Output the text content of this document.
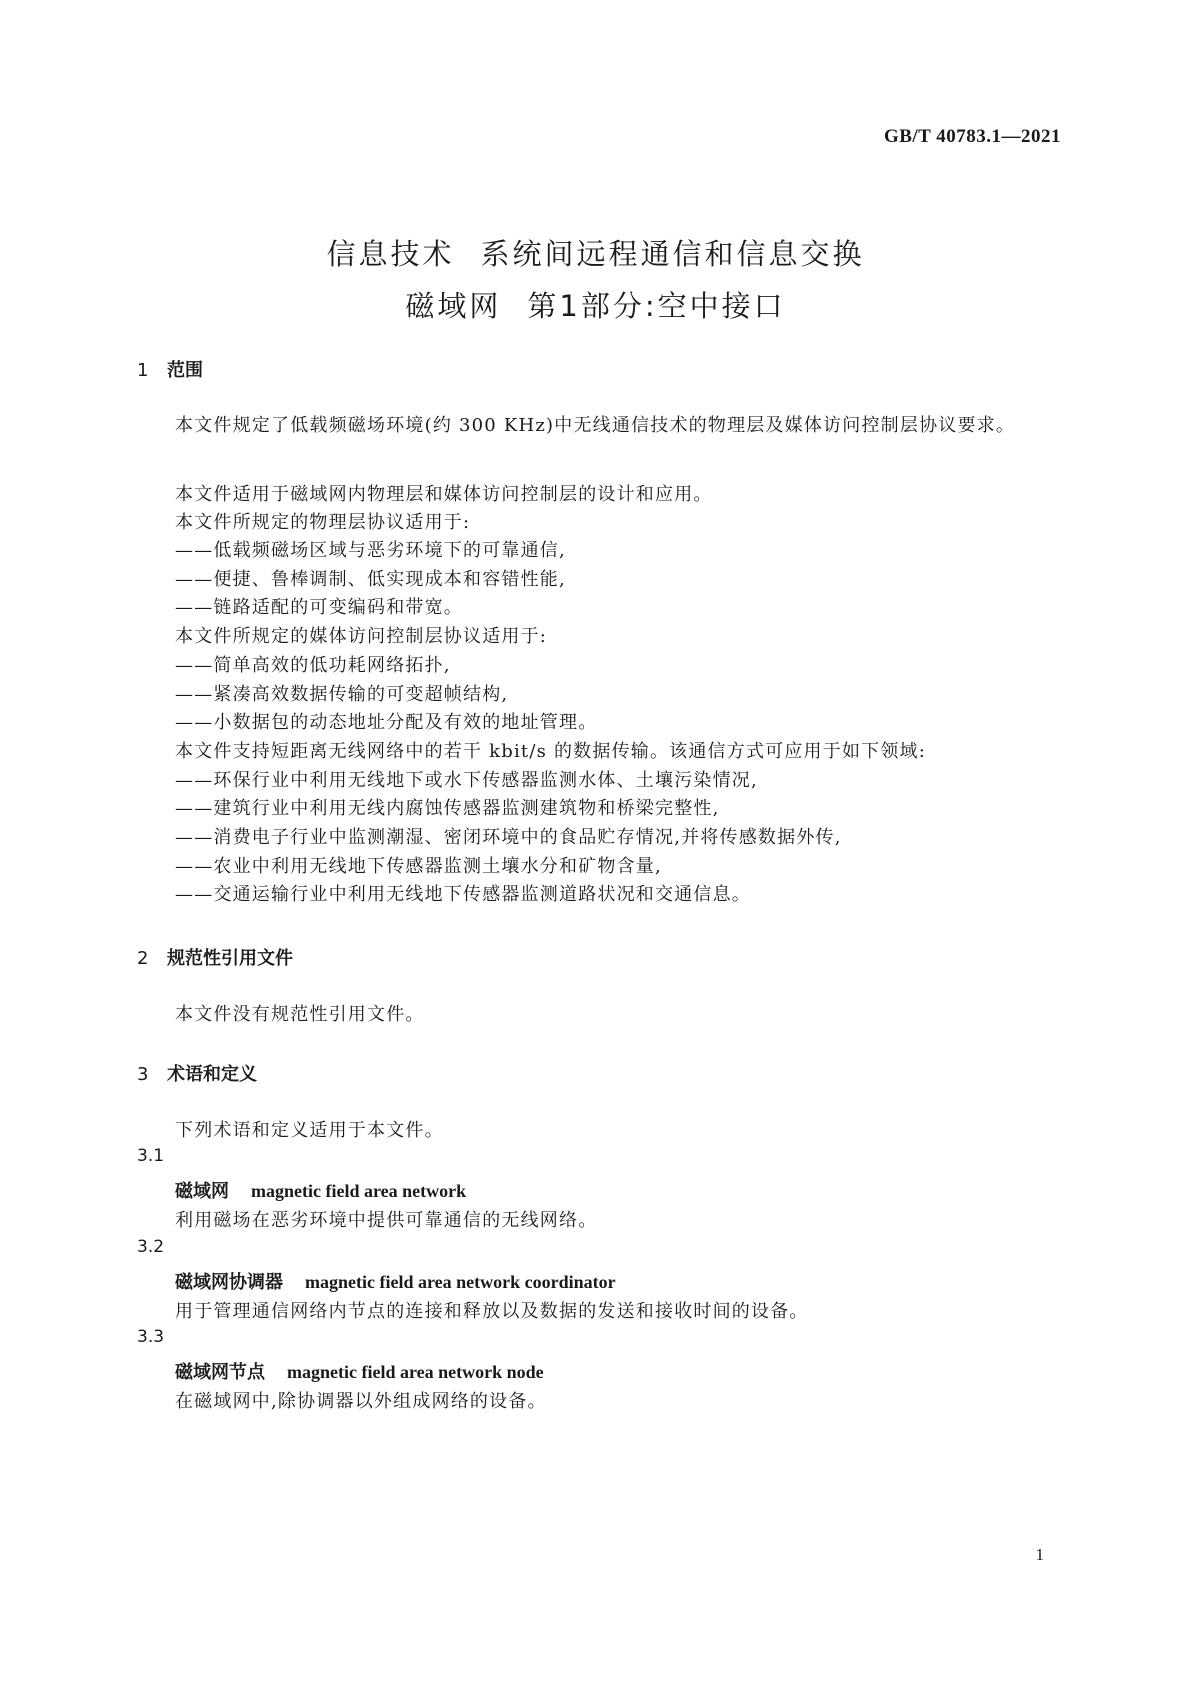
GB/T 40783.1—2021
信息技术 系统间远程通信和信息交换
磁域网 第1部分:空中接口
1 范围
本文件规定了低载频磁场环境(约 300 KHz)中无线通信技术的物理层及媒体访问控制层协议要求。
本文件适用于磁域网内物理层和媒体访问控制层的设计和应用。
本文件所规定的物理层协议适用于:
——低载频磁场区域与恶劣环境下的可靠通信,
——便捷、鲁棒调制、低实现成本和容错性能,
——链路适配的可变编码和带宽。
本文件所规定的媒体访问控制层协议适用于:
——简单高效的低功耗网络拓扑,
——紧凑高效数据传输的可变超帧结构,
——小数据包的动态地址分配及有效的地址管理。
本文件支持短距离无线网络中的若干 kbit/s 的数据传输。该通信方式可应用于如下领域:
——环保行业中利用无线地下或水下传感器监测水体、土壤污染情况,
——建筑行业中利用无线内腐蚀传感器监测建筑物和桥梁完整性,
——消费电子行业中监测潮湿、密闭环境中的食品贮存情况,并将传感数据外传,
——农业中利用无线地下传感器监测土壤水分和矿物含量,
——交通运输行业中利用无线地下传感器监测道路状况和交通信息。
2 规范性引用文件
本文件没有规范性引用文件。
3 术语和定义
下列术语和定义适用于本文件。
3.1
磁域网 magnetic field area network
利用磁场在恶劣环境中提供可靠通信的无线网络。
3.2
磁域网协调器 magnetic field area network coordinator
用于管理通信网络内节点的连接和释放以及数据的发送和接收时间的设备。
3.3
磁域网节点 magnetic field area network node
在磁域网中,除协调器以外组成网络的设备。
1
